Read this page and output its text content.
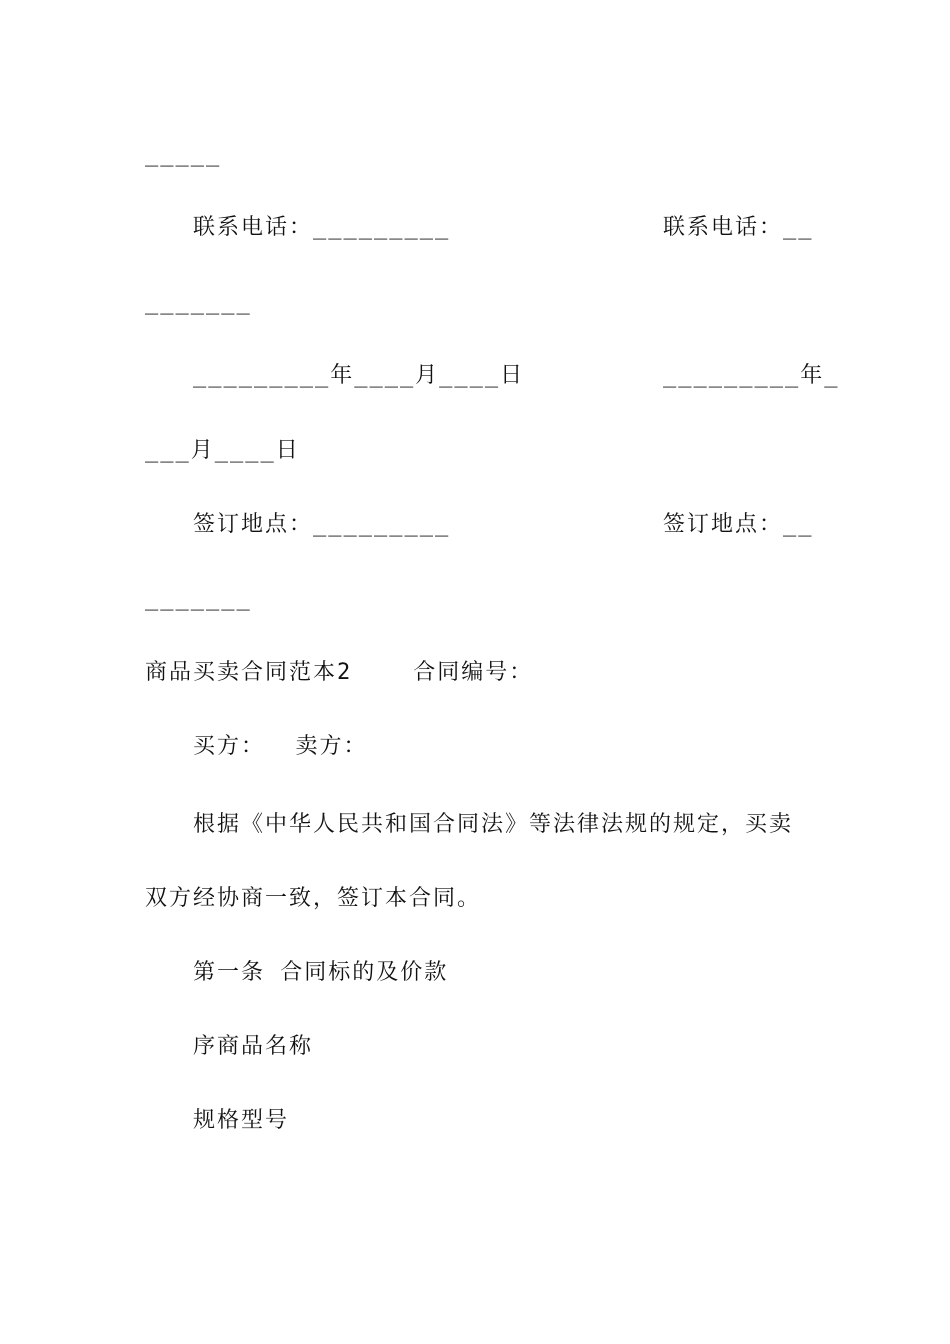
_____
联系电话：_________	联系电话：__
_______
_________年____月____日	_________年_
___月____日
签订地点：_________	签订地点：__
_______
商品买卖合同范本2    合同编号：
买方：  卖方：
根据《中华人民共和国合同法》等法律法规的规定，买卖
双方经协商一致，签订本合同。
第一条 合同标的及价款
序商品名称
规格型号
